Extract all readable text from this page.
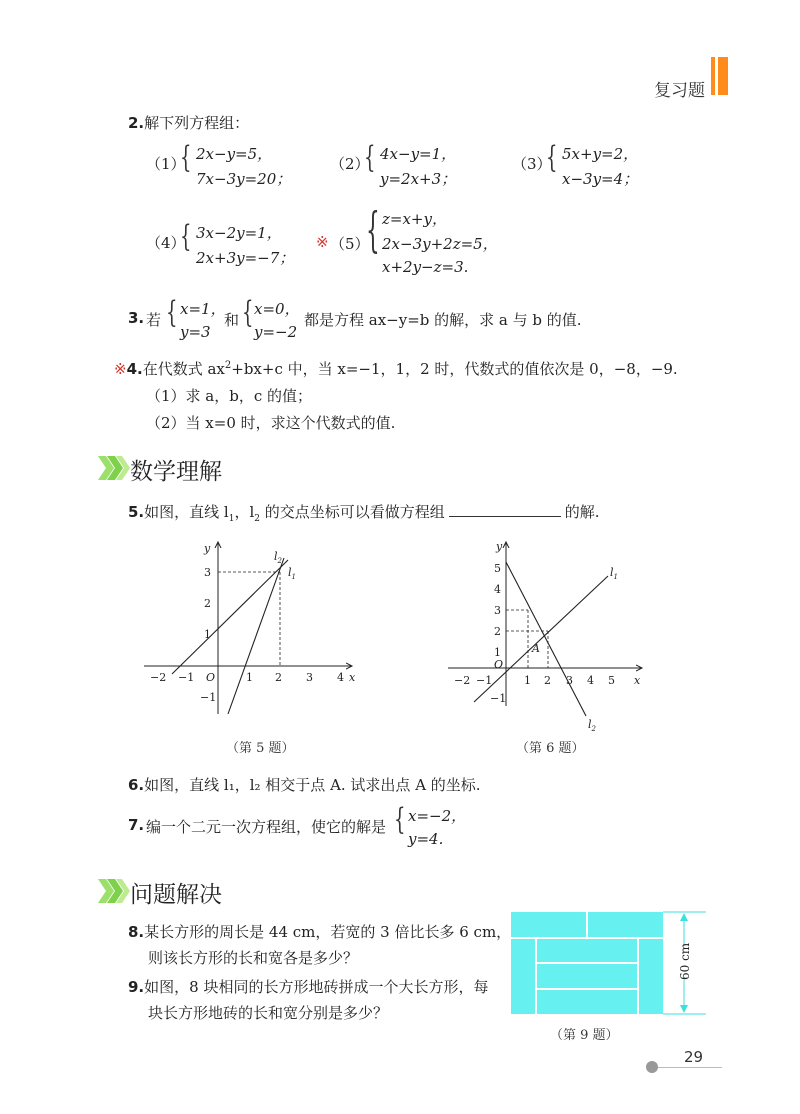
复习题
2.解下列方程组：
（1）
{ 2x−y=5，
7x−3y=20；
（2）
{ 4x−y=1，
y=2x+3；
（3）
{ 5x+y=2，
x−3y=4；
（4）
{ 3x−2y=1，
2x+3y=−7；
※ （5）
{ z=x+y，
2x−3y+2z=5，
x+2y−z=3.
3. 若 { x=1，
y=3
和 { x=0，
y=−2
都是方程 ax−y=b 的解，求 a 与 b 的值.
※4.在代数式 $ax^2+bx+c$ 中，当 x=−1，1，2 时，代数式的值依次是 0，−8，−9.
（1）求 a，b，c 的值；
（2）当 x=0 时，求这个代数式的值.
数学理解
5.如图，直线 $l_1$，$l_2$ 的交点坐标可以看做方程组	的解.
−2 −1	1 2 3 4
3
2
1
−1
O	x
y
$l_2$
$l_1$
（第 5 题）
−2 −1	1 2 3 4 5
5
4
3
2
1
−1
O
A
x
y
$l_1$
$l_2$
（第 6 题）
6.如图，直线 l₁，l₂ 相交于点 A. 试求出点 A 的坐标.
7. 编一个二元一次方程组，使它的解是 { x=−2，
y=4.
问题解决
8.某长方形的周长是 44 cm，若宽的 3 倍比长多 6 cm，
则该长方形的长和宽各是多少？
9.如图，8 块相同的长方形地砖拼成一个大长方形，每
块长方形地砖的长和宽分别是多少？
60 cm
（第 9 题）
29
